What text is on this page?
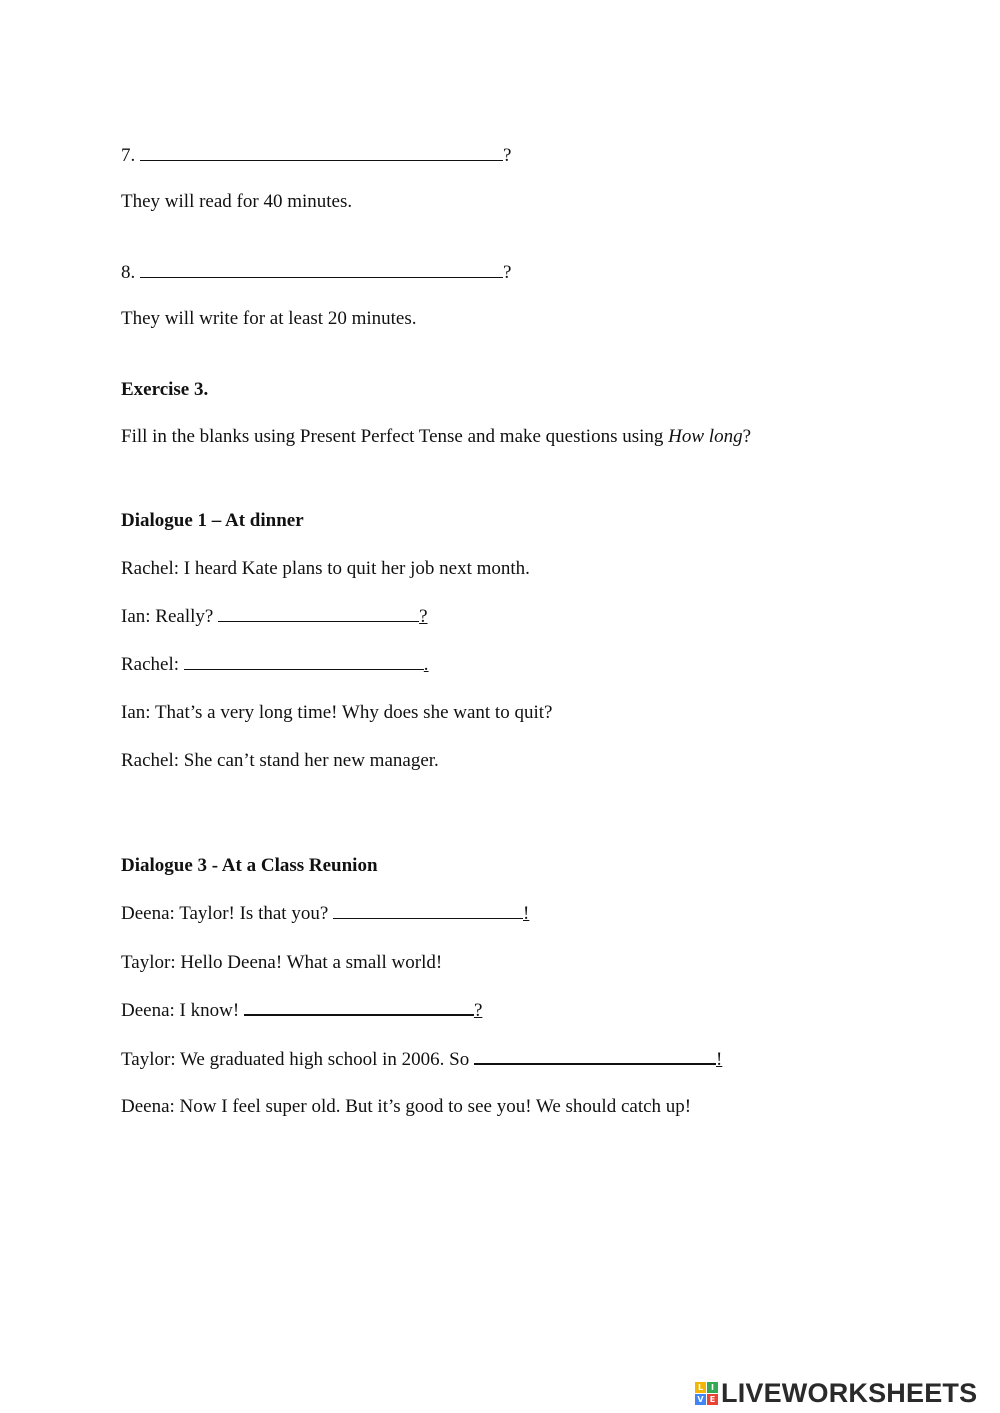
7.	?
They will read for 40 minutes.
8.	?
They will write for at least 20 minutes.
Exercise 3.
Fill in the blanks using Present Perfect Tense and make questions using How long?
Dialogue 1 – At dinner
Rachel: I heard Kate plans to quit her job next month.
Ian: Really?	?
Rachel:	.
Ian: That’s a very long time! Why does she want to quit?
Rachel: She can’t stand her new manager.
Dialogue 3 - At a Class Reunion
Deena: Taylor! Is that you?	!
Taylor: Hello Deena! What a small world!
Deena: I know!	?
Taylor: We graduated high school in 2006. So	!
Deena: Now I feel super old. But it’s good to see you! We should catch up!
L I
V E LIVEWORKSHEETS
